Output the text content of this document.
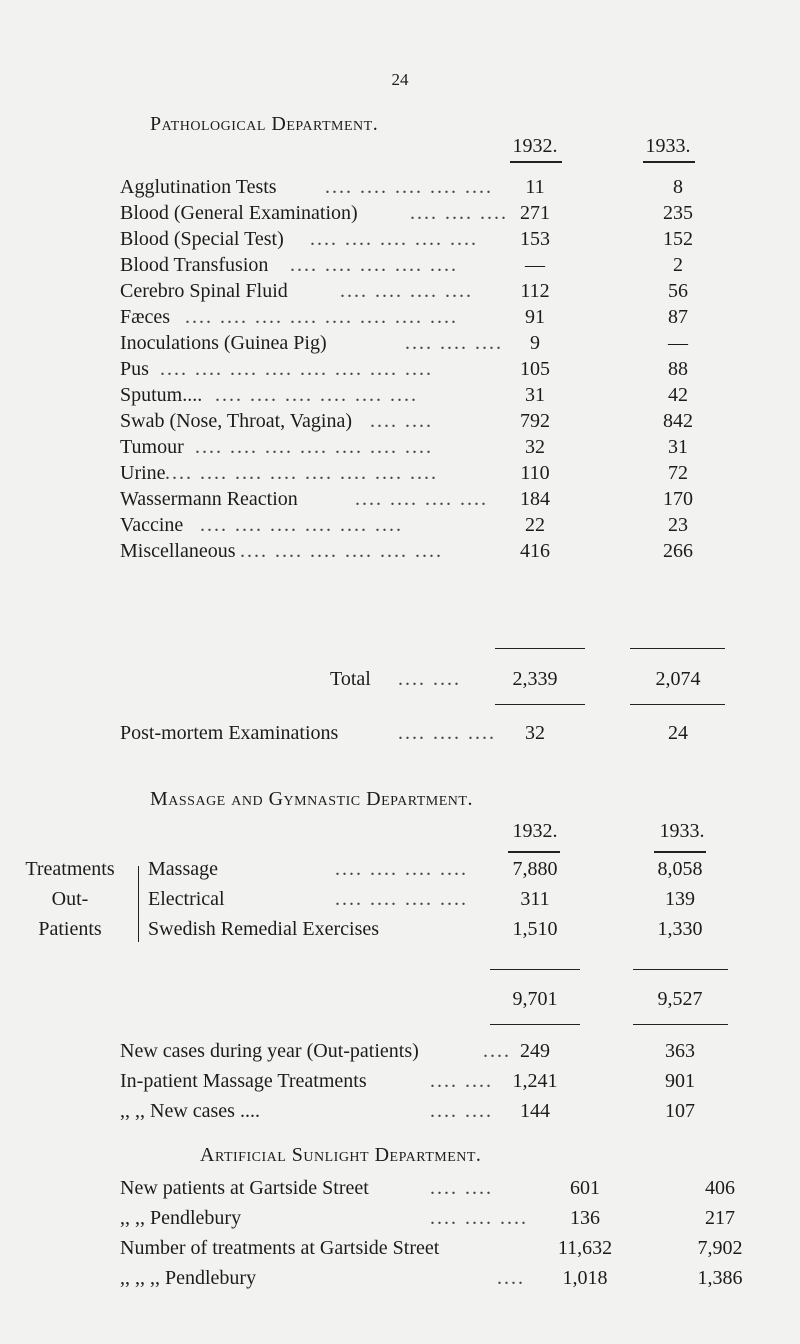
24
Pathological Department.
1932.	1933.
Agglutination Tests .... .... .... .... ....	11	8
Blood (General Examination)	.... .... .... 271	235
Blood (Special Test) .... .... .... .... ....	153	152
Blood Transfusion .... .... .... .... ....	—	2
Cerebro Spinal Fluid	.... .... .... ....	112	56
Fæces .... .... .... .... .... .... .... ....	91	87
Inoculations (Guinea Pig)	.... .... ....	9	—
Pus .... .... .... .... .... .... .... ....	105	88
Sputum.... .... .... .... .... .... ....	31	42
Swab (Nose, Throat, Vagina) .... ....	792	842
Tumour .... .... .... .... .... .... ....	32	31
Urine .... .... .... .... .... .... .... ....	110	72
Wassermann Reaction	.... .... .... ....	184	170
Vaccine .... .... .... .... .... ....	22	23
Miscellaneous .... .... .... .... .... ....	416	266
Total .... ....	2,339	2,074
Post-mortem Examinations	.... .... ....	32	24
Massage and Gymnastic Department.
1932.	1933.
Treatments
Out-
Patients
Massage	.... .... .... ....	7,880	8,058
Electrical	.... .... .... ....	311	139
Swedish Remedial Exercises	1,510	1,330
9,701	9,527
New cases during year (Out-patients)	.... 249	363
In-patient Massage Treatments	.... .... 1,241	901
,, ,, New cases ....	.... ....	144	107
Artificial Sunlight Department.
New patients at Gartside Street	.... ....	601	406
,, ,, Pendlebury	.... .... ....	136	217
Number of treatments at Gartside Street	11,632	7,902
,, ,, ,, Pendlebury	....	1,018	1,386
